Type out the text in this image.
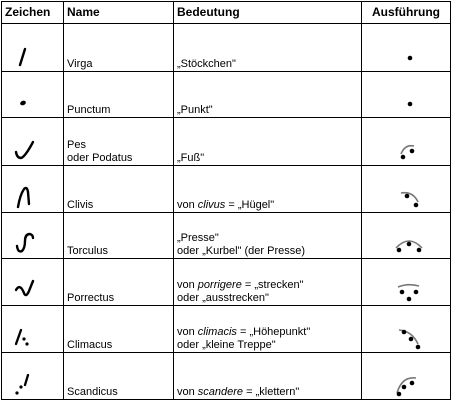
Zeichen	Name	Bedeutung	Ausführung

Virga	„Stöckchen"

Punctum	„Punkt"

Pes
oder Podatus	„Fuß"

Clivis	von clivus = „Hügel"

Torculus	„Presse"
oder „Kurbel" (der Presse)

Porrectus	von porrigere = „strecken"
oder „ausstrecken"

Climacus	von climacis = „Höhepunkt"
oder „kleine Treppe"

Scandicus	von scandere = „klettern"
